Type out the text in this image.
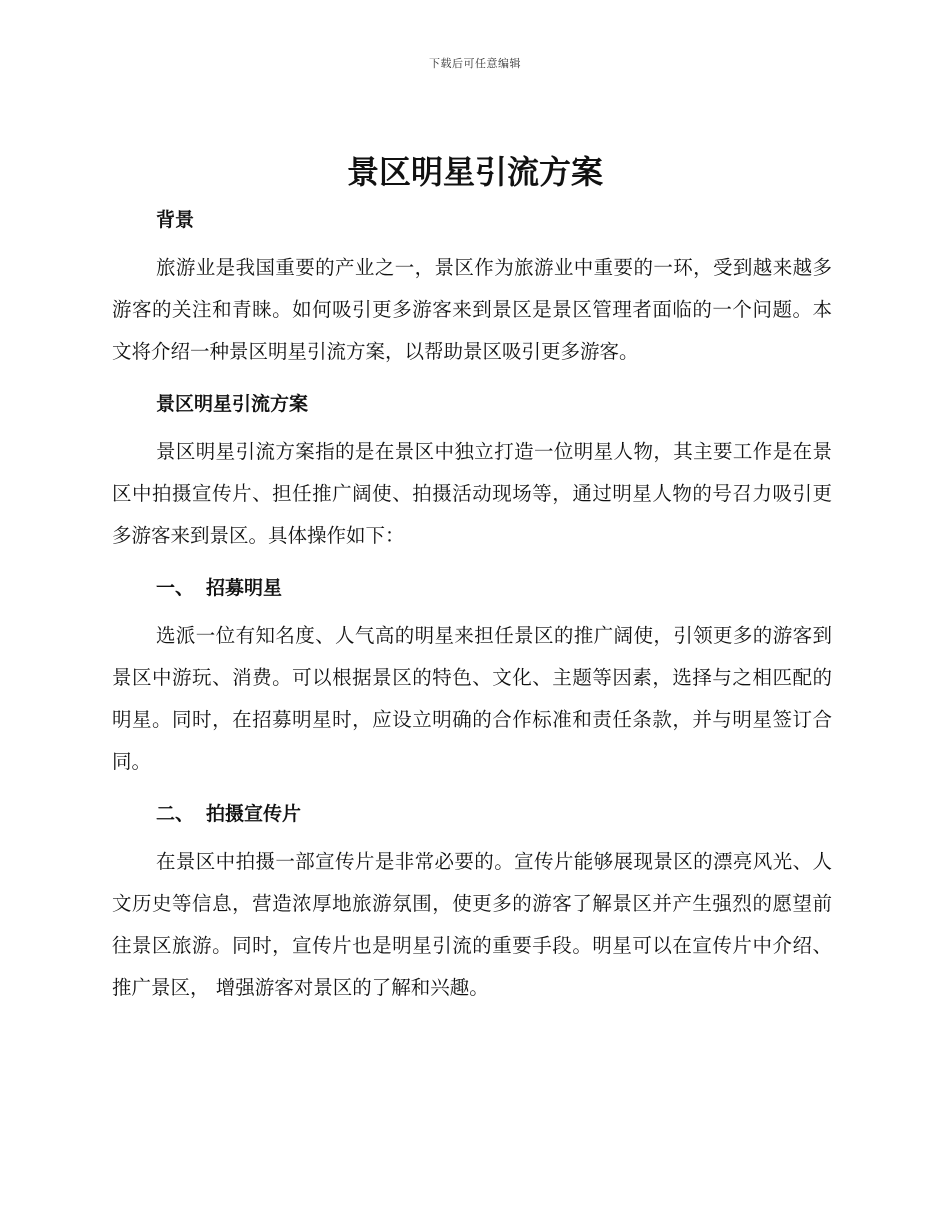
下载后可任意编辑
景区明星引流方案
背景

旅游业是我国重要的产业之一，景区作为旅游业中重要的一环，受到越来越多游客的关注和青睐。如何吸引更多游客来到景区是景区管理者面临的一个问题。本文将介绍一种景区明星引流方案，以帮助景区吸引更多游客。

景区明星引流方案

景区明星引流方案指的是在景区中独立打造一位明星人物，其主要工作是在景区中拍摄宣传片、担任推广阔使、拍摄活动现场等，通过明星人物的号召力吸引更多游客来到景区。具体操作如下：

一、 招募明星

选派一位有知名度、人气高的明星来担任景区的推广阔使，引领更多的游客到景区中游玩、消费。可以根据景区的特色、文化、主题等因素，选择与之相匹配的明星。同时，在招募明星时，应设立明确的合作标准和责任条款，并与明星签订合同。

二、 拍摄宣传片

在景区中拍摄一部宣传片是非常必要的。宣传片能够展现景区的漂亮风光、人文历史等信息，营造浓厚地旅游氛围，使更多的游客了解景区并产生强烈的愿望前往景区旅游。同时，宣传片也是明星引流的重要手段。明星可以在宣传片中介绍、推广景区， 增强游客对景区的了解和兴趣。
